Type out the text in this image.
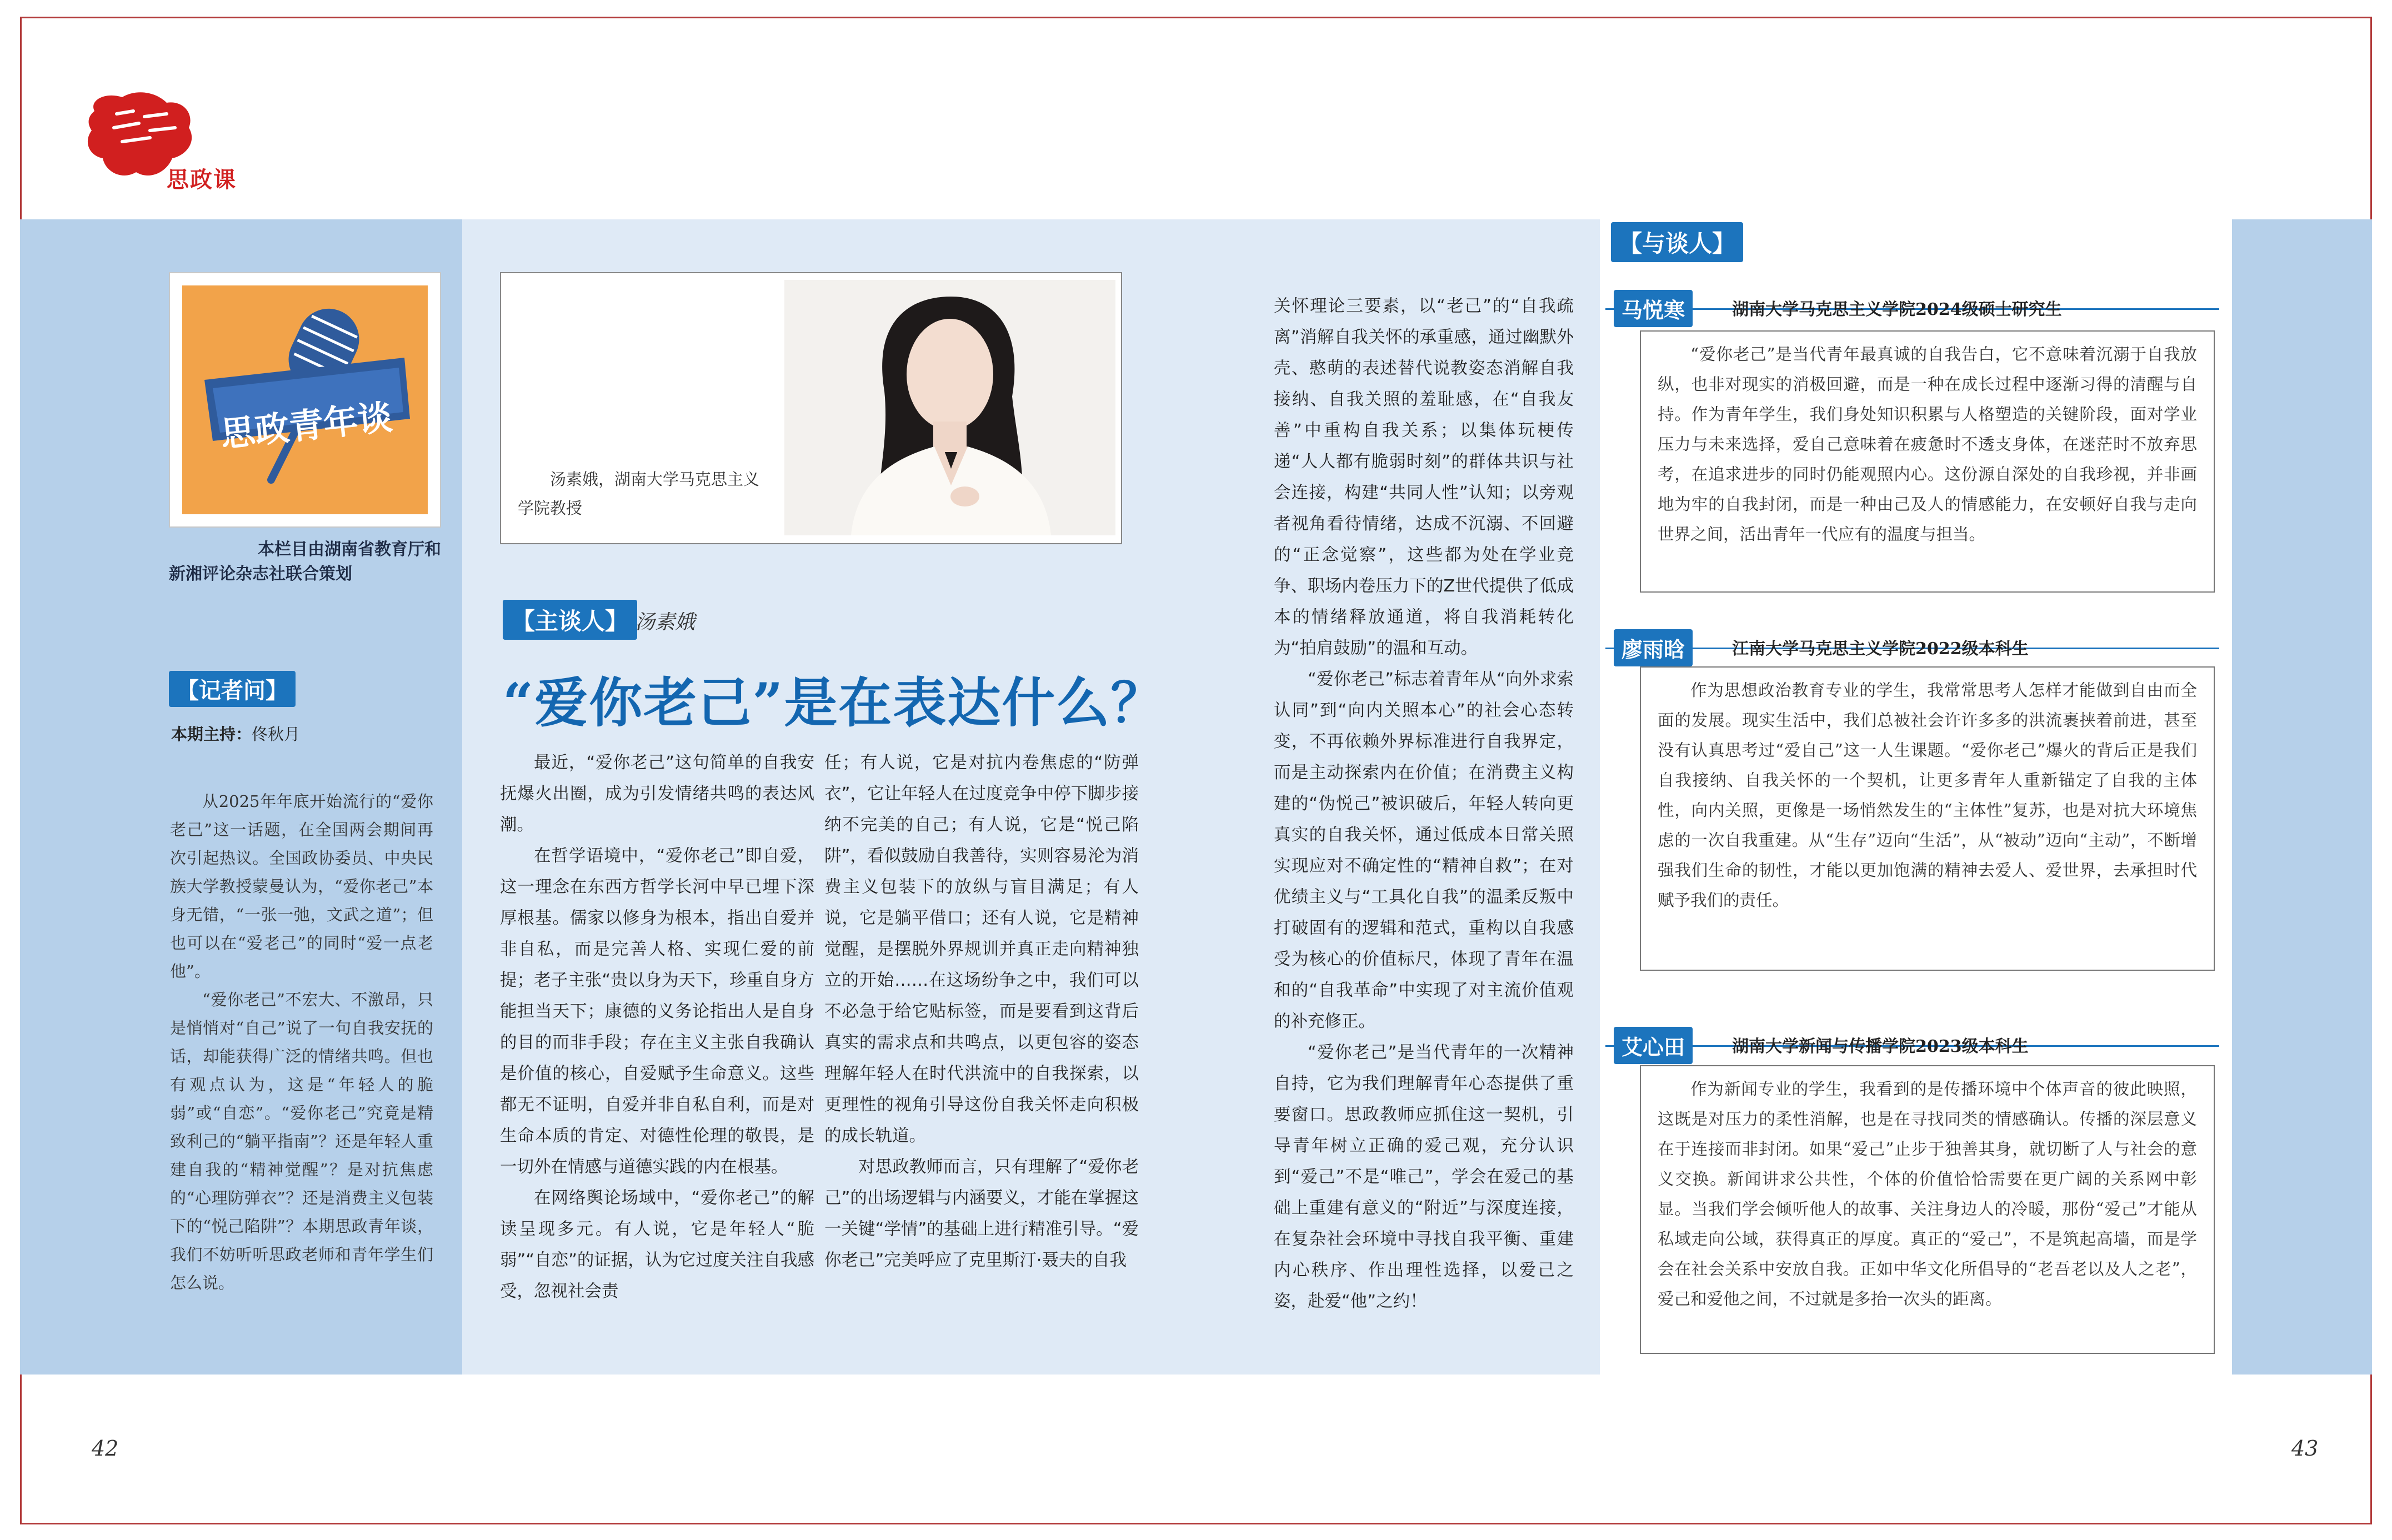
思政课
思政青年谈
本栏目由湖南省教育厅和
新湘评论杂志社联合策划
【记者问】
本期主持：佟秋月

从2025年年底开始流行的“爱你老己”这一话题，在全国两会期间再次引起热议。全国政协委员、中央民族大学教授蒙曼认为，“爱你老己”本身无错，“一张一弛，文武之道”；但也可以在“爱老己”的同时“爱一点老他”。

“爱你老己”不宏大、不激昂，只是悄悄对“自己”说了一句自我安抚的话，却能获得广泛的情绪共鸣。但也有观点认为，这是“年轻人的脆弱”或“自恋”。“爱你老己”究竟是精致利己的“躺平指南”？还是年轻人重建自我的“精神觉醒”？是对抗焦虑的“心理防弹衣”？还是消费主义包装下的“悦己陷阱”？本期思政青年谈，我们不妨听听思政老师和青年学生们怎么说。

汤素娥，湖南大学马克思主义学院教授
【主谈人】 汤素娥
“爱你老己”是在表达什么？

最近，“爱你老己”这句简单的自我安抚爆火出圈，成为引发情绪共鸣的表达风潮。

在哲学语境中，“爱你老己”即自爱，这一理念在东西方哲学长河中早已埋下深厚根基。儒家以修身为根本，指出自爱并非自私，而是完善人格、实现仁爱的前提；老子主张“贵以身为天下，珍重自身方能担当天下；康德的义务论指出人是自身的目的而非手段；存在主义主张自我确认是价值的核心，自爱赋予生命意义。这些都无不证明，自爱并非自私自利，而是对生命本质的肯定、对德性伦理的敬畏，是一切外在情感与道德实践的内在根基。

在网络舆论场域中，“爱你老己”的解读呈现多元。有人说，它是年轻人“脆弱”“自恋”的证据，认为它过度关注自我感受，忽视社会责

任；有人说，它是对抗内卷焦虑的“防弹衣”，它让年轻人在过度竞争中停下脚步接纳不完美的自己；有人说，它是“悦己陷阱”，看似鼓励自我善待，实则容易沦为消费主义包装下的放纵与盲目满足；有人说，它是躺平借口；还有人说，它是精神觉醒，是摆脱外界规训并真正走向精神独立的开始……在这场纷争之中，我们可以不必急于给它贴标签，而是要看到这背后真实的需求点和共鸣点，以更包容的姿态理解年轻人在时代洪流中的自我探索，以更理性的视角引导这份自我关怀走向积极的成长轨道。

对思政教师而言，只有理解了“爱你老己”的出场逻辑与内涵要义，才能在掌握这一关键“学情”的基础上进行精准引导。“爱你老己”完美呼应了克里斯汀·聂夫的自我

关怀理论三要素，以“老己”的“自我疏离”消解自我关怀的承重感，通过幽默外壳、憨萌的表述替代说教姿态消解自我接纳、自我关照的羞耻感，在“自我友善”中重构自我关系；以集体玩梗传递“人人都有脆弱时刻”的群体共识与社会连接，构建“共同人性”认知；以旁观者视角看待情绪，达成不沉溺、不回避的“正念觉察”，这些都为处在学业竞争、职场内卷压力下的Z世代提供了低成本的情绪释放通道，将自我消耗转化为“拍肩鼓励”的温和互动。

“爱你老己”标志着青年从“向外求索认同”到“向内关照本心”的社会心态转变，不再依赖外界标准进行自我界定，而是主动探索内在价值；在消费主义构建的“伪悦己”被识破后，年轻人转向更真实的自我关怀，通过低成本日常关照实现应对不确定性的“精神自救”；在对优绩主义与“工具化自我”的温柔反叛中打破固有的逻辑和范式，重构以自我感受为核心的价值标尺，体现了青年在温和的“自我革命”中实现了对主流价值观的补充修正。

“爱你老己”是当代青年的一次精神自持，它为我们理解青年心态提供了重要窗口。思政教师应抓住这一契机，引导青年树立正确的爱己观，充分认识到“爱己”不是“唯己”，学会在爱己的基础上重建有意义的“附近”与深度连接，在复杂社会环境中寻找自我平衡、重建内心秩序、作出理性选择，以爱己之姿，赴爱“他”之约！

【与谈人】
马悦寒	湖南大学马克思主义学院2024级硕士研究生

“爱你老己”是当代青年最真诚的自我告白，它不意味着沉溺于自我放纵，也非对现实的消极回避，而是一种在成长过程中逐渐习得的清醒与自持。作为青年学生，我们身处知识积累与人格塑造的关键阶段，面对学业压力与未来选择，爱自己意味着在疲惫时不透支身体，在迷茫时不放弃思考，在追求进步的同时仍能观照内心。这份源自深处的自我珍视，并非画地为牢的自我封闭，而是一种由己及人的情感能力，在安顿好自我与走向世界之间，活出青年一代应有的温度与担当。

廖雨晗	江南大学马克思主义学院2022级本科生

作为思想政治教育专业的学生，我常常思考人怎样才能做到自由而全面的发展。现实生活中，我们总被社会许许多多的洪流裹挟着前进，甚至没有认真思考过“爱自己”这一人生课题。“爱你老己”爆火的背后正是我们自我接纳、自我关怀的一个契机，让更多青年人重新锚定了自我的主体性，向内关照，更像是一场悄然发生的“主体性”复苏，也是对抗大环境焦虑的一次自我重建。从“生存”迈向“生活”，从“被动”迈向“主动”，不断增强我们生命的韧性，才能以更加饱满的精神去爱人、爱世界，去承担时代赋予我们的责任。

艾心田	湖南大学新闻与传播学院2023级本科生

作为新闻专业的学生，我看到的是传播环境中个体声音的彼此映照，这既是对压力的柔性消解，也是在寻找同类的情感确认。传播的深层意义在于连接而非封闭。如果“爱己”止步于独善其身，就切断了人与社会的意义交换。新闻讲求公共性，个体的价值恰恰需要在更广阔的关系网中彰显。当我们学会倾听他人的故事、关注身边人的冷暖，那份“爱己”才能从私域走向公域，获得真正的厚度。真正的“爱己”，不是筑起高墙，而是学会在社会关系中安放自我。正如中华文化所倡导的“老吾老以及人之老”，爱己和爱他之间，不过就是多抬一次头的距离。

42	43
